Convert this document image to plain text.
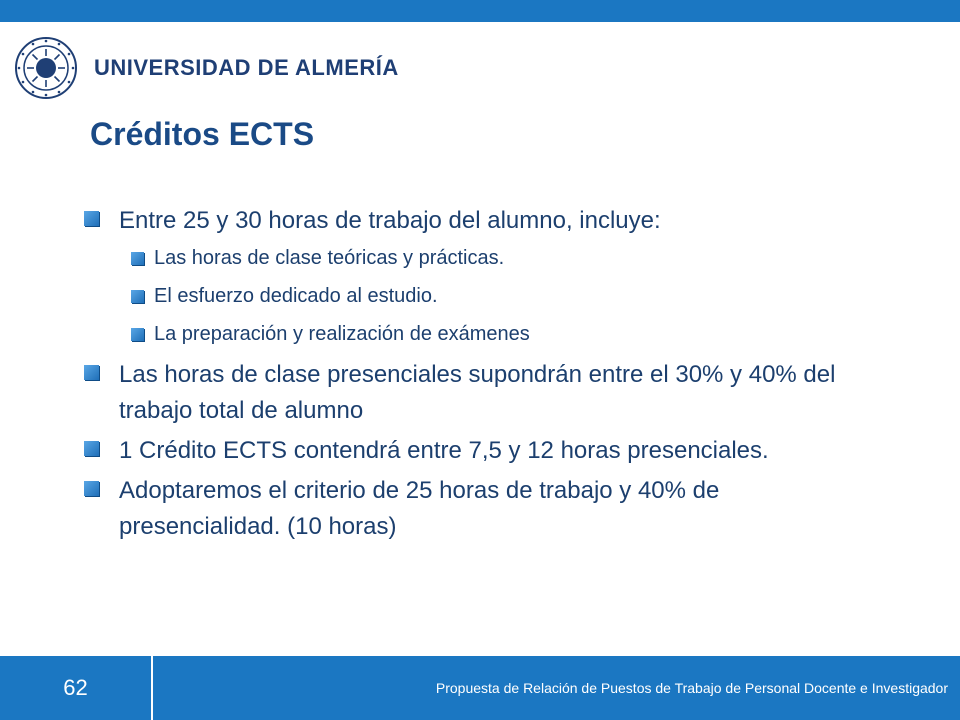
UNIVERSIDAD DE ALMERÍA
Créditos ECTS
Entre 25 y 30 horas de trabajo del alumno, incluye:
Las horas de clase teóricas y prácticas.
El esfuerzo dedicado al estudio.
La preparación y realización de exámenes
Las horas de clase presenciales supondrán entre el 30% y 40% del trabajo total de alumno
1 Crédito ECTS contendrá entre 7,5 y 12 horas presenciales.
Adoptaremos el criterio de 25 horas de trabajo y 40% de presencialidad. (10 horas)
62	Propuesta de Relación de Puestos de Trabajo de Personal Docente e Investigador
